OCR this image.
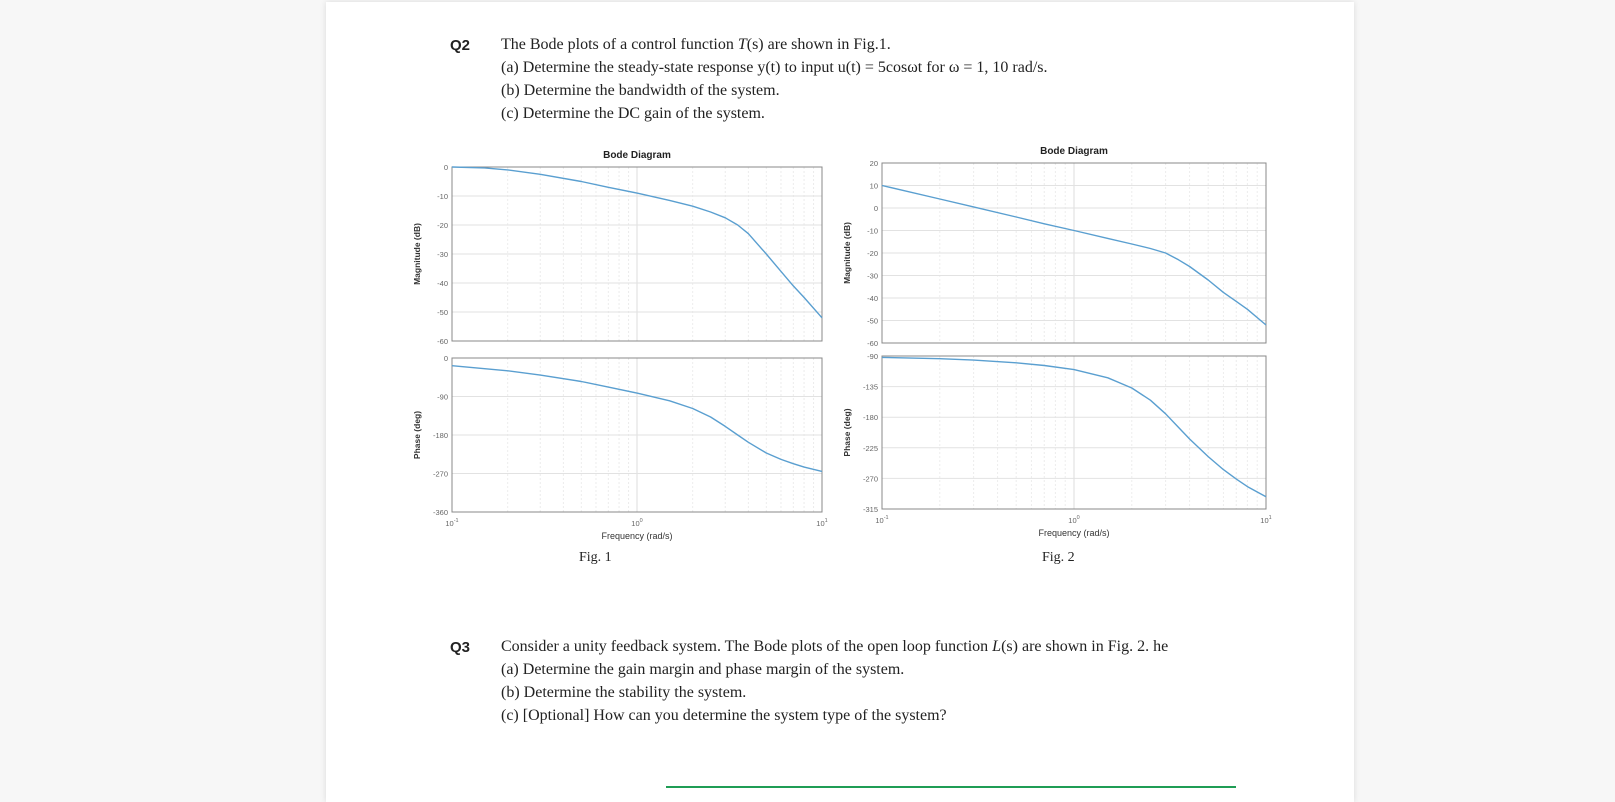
Q2 The Bode plots of a control function T(s) are shown in Fig.1.
(a) Determine the steady-state response y(t) to input u(t) = 5cosωt for ω = 1, 10 rad/s.
(b) Determine the bandwidth of the system.
(c) Determine the DC gain of the system.
Bode Diagram
0
-10
-20
-30
-40
-50
-60
Magnitude (dB)
0
-90
-180
-270
-360
Phase (deg)
$10^{-1}$	$10^0$	$10^1$
Frequency (rad/s)
Fig. 1
Bode Diagram
20
10
0
-10
-20
-30
-40
-50
-60
Magnitude (dB)
-90
-135
-180
-225
-270
-315
Phase (deg)
$10^{-1}$	$10^0$	$10^1$
Frequency (rad/s)
Fig. 2
Q3 Consider a unity feedback system. The Bode plots of the open loop function L(s) are shown in Fig. 2. he
(a) Determine the gain margin and phase margin of the system.
(b) Determine the stability the system.
(c) [Optional] How can you determine the system type of the system?
